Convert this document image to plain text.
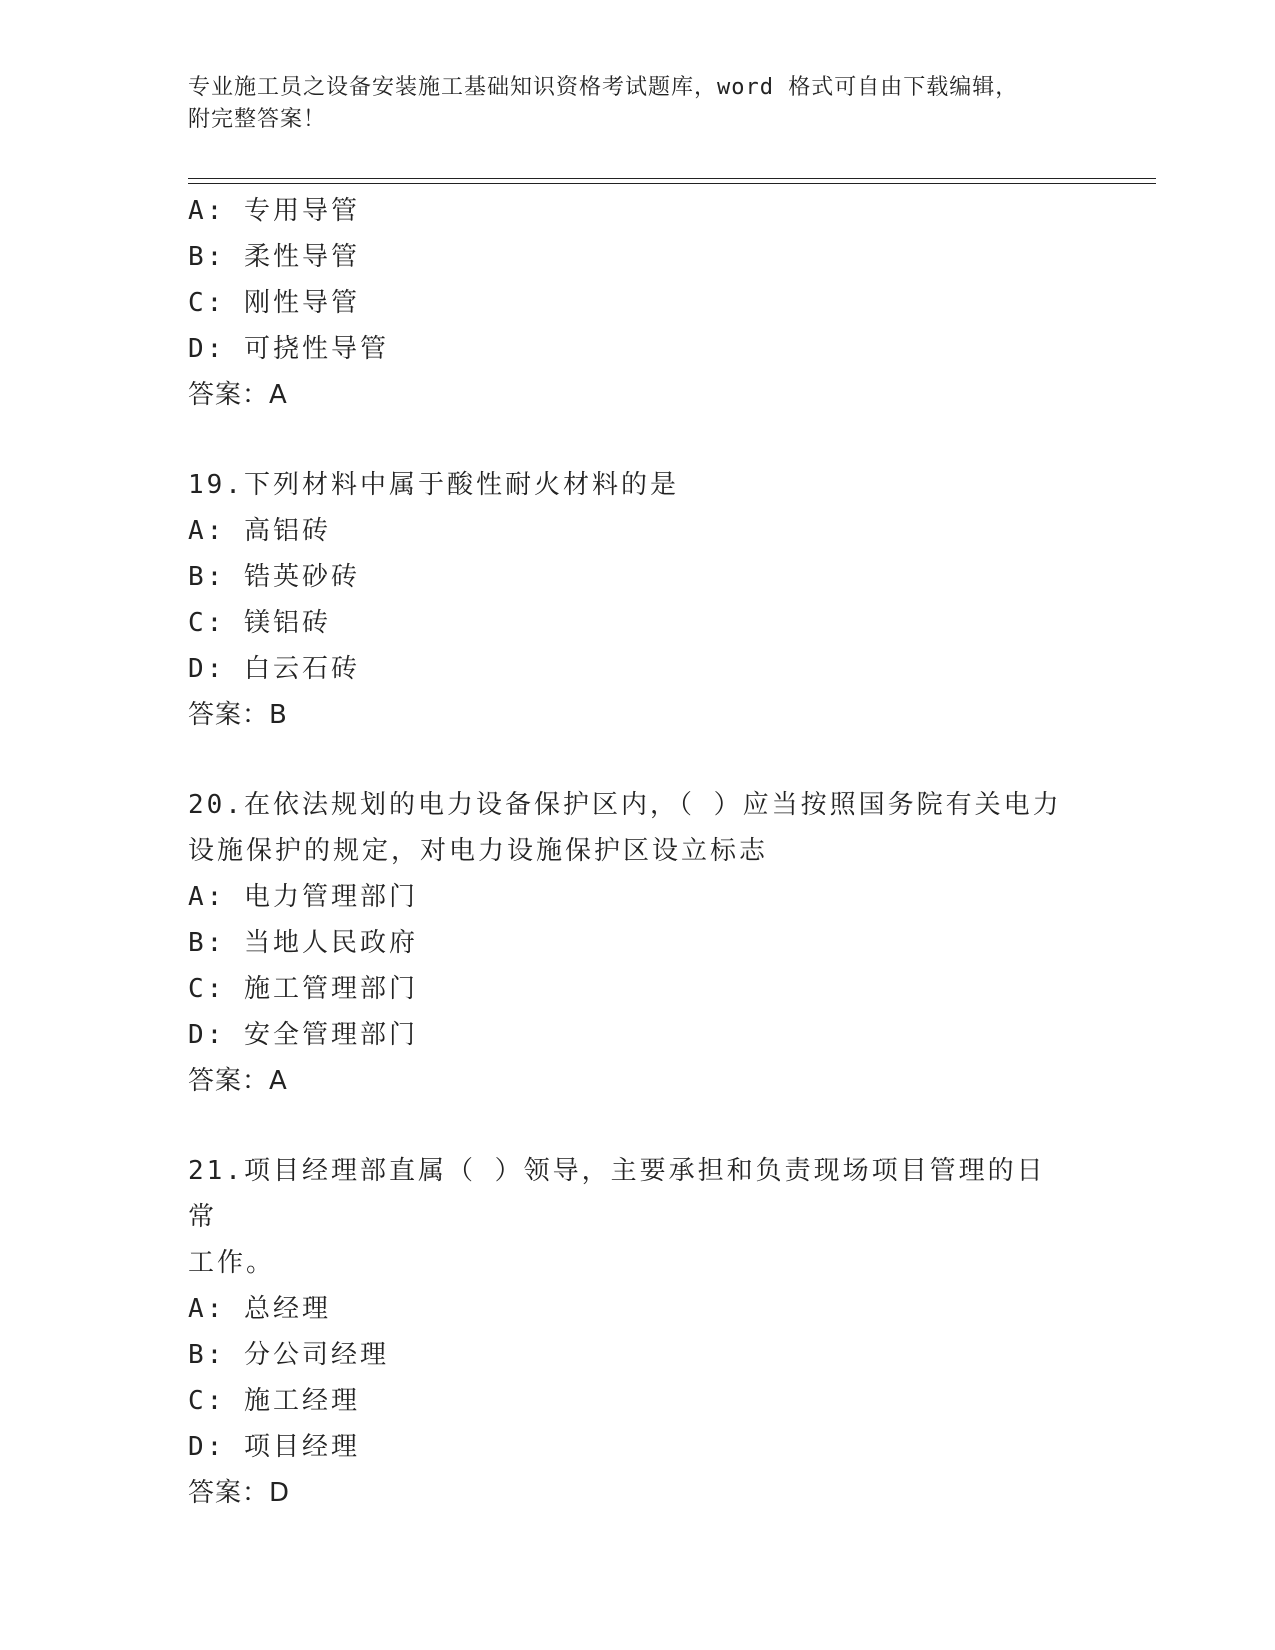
专业施工员之设备安装施工基础知识资格考试题库，word 格式可自由下载编辑，
附完整答案！
A: 专用导管
B: 柔性导管
C: 刚性导管
D: 可挠性导管
答案：A
19.下列材料中属于酸性耐火材料的是
A: 高铝砖
B: 锆英砂砖
C: 镁铝砖
D: 白云石砖
答案：B
20.在依法规划的电力设备保护区内，（ ）应当按照国务院有关电力
设施保护的规定，对电力设施保护区设立标志
A: 电力管理部门
B: 当地人民政府
C: 施工管理部门
D: 安全管理部门
答案：A
21.项目经理部直属（ ）领导，主要承担和负责现场项目管理的日常
工作。
A: 总经理
B: 分公司经理
C: 施工经理
D: 项目经理
答案：D
